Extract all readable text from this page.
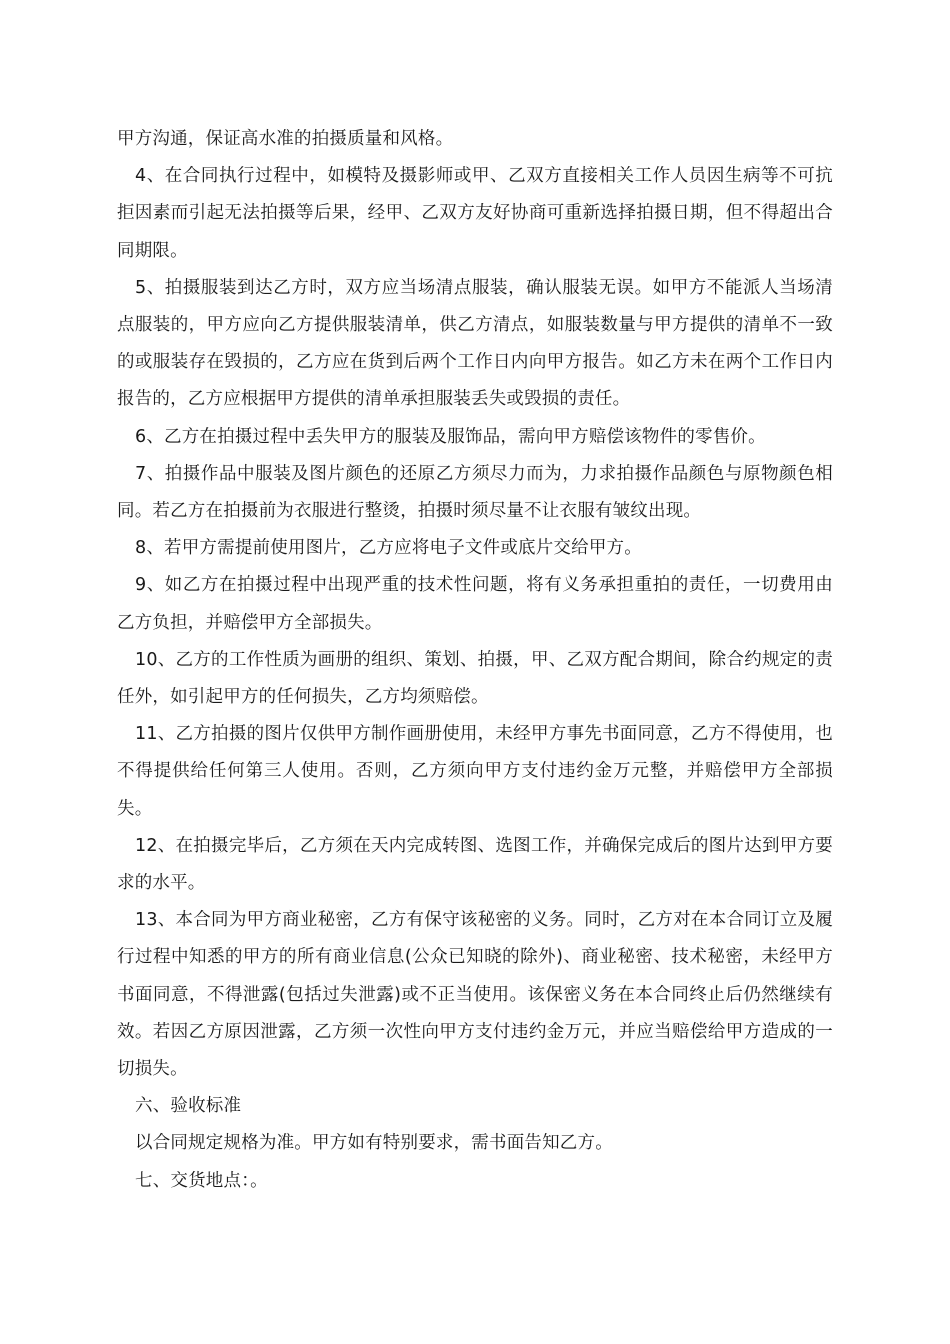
甲方沟通，保证高水准的拍摄质量和风格。

4、在合同执行过程中，如模特及摄影师或甲、乙双方直接相关工作人员因生病等不可抗拒因素而引起无法拍摄等后果，经甲、乙双方友好协商可重新选择拍摄日期，但不得超出合同期限。

5、拍摄服装到达乙方时，双方应当场清点服装，确认服装无误。如甲方不能派人当场清点服装的，甲方应向乙方提供服装清单，供乙方清点，如服装数量与甲方提供的清单不一致的或服装存在毁损的，乙方应在货到后两个工作日内向甲方报告。如乙方未在两个工作日内报告的，乙方应根据甲方提供的清单承担服装丢失或毁损的责任。

6、乙方在拍摄过程中丢失甲方的服装及服饰品，需向甲方赔偿该物件的零售价。

7、拍摄作品中服装及图片颜色的还原乙方须尽力而为，力求拍摄作品颜色与原物颜色相同。若乙方在拍摄前为衣服进行整烫，拍摄时须尽量不让衣服有皱纹出现。

8、若甲方需提前使用图片，乙方应将电子文件或底片交给甲方。

9、如乙方在拍摄过程中出现严重的技术性问题，将有义务承担重拍的责任，一切费用由乙方负担，并赔偿甲方全部损失。

10、乙方的工作性质为画册的组织、策划、拍摄，甲、乙双方配合期间，除合约规定的责任外，如引起甲方的任何损失，乙方均须赔偿。

11、乙方拍摄的图片仅供甲方制作画册使用，未经甲方事先书面同意，乙方不得使用，也不得提供给任何第三人使用。否则，乙方须向甲方支付违约金万元整，并赔偿甲方全部损失。

12、在拍摄完毕后，乙方须在天内完成转图、选图工作，并确保完成后的图片达到甲方要求的水平。

13、本合同为甲方商业秘密，乙方有保守该秘密的义务。同时，乙方对在本合同订立及履行过程中知悉的甲方的所有商业信息(公众已知晓的除外)、商业秘密、技术秘密，未经甲方书面同意，不得泄露(包括过失泄露)或不正当使用。该保密义务在本合同终止后仍然继续有效。若因乙方原因泄露，乙方须一次性向甲方支付违约金万元，并应当赔偿给甲方造成的一切损失。

六、验收标准

以合同规定规格为准。甲方如有特别要求，需书面告知乙方。

七、交货地点：。
